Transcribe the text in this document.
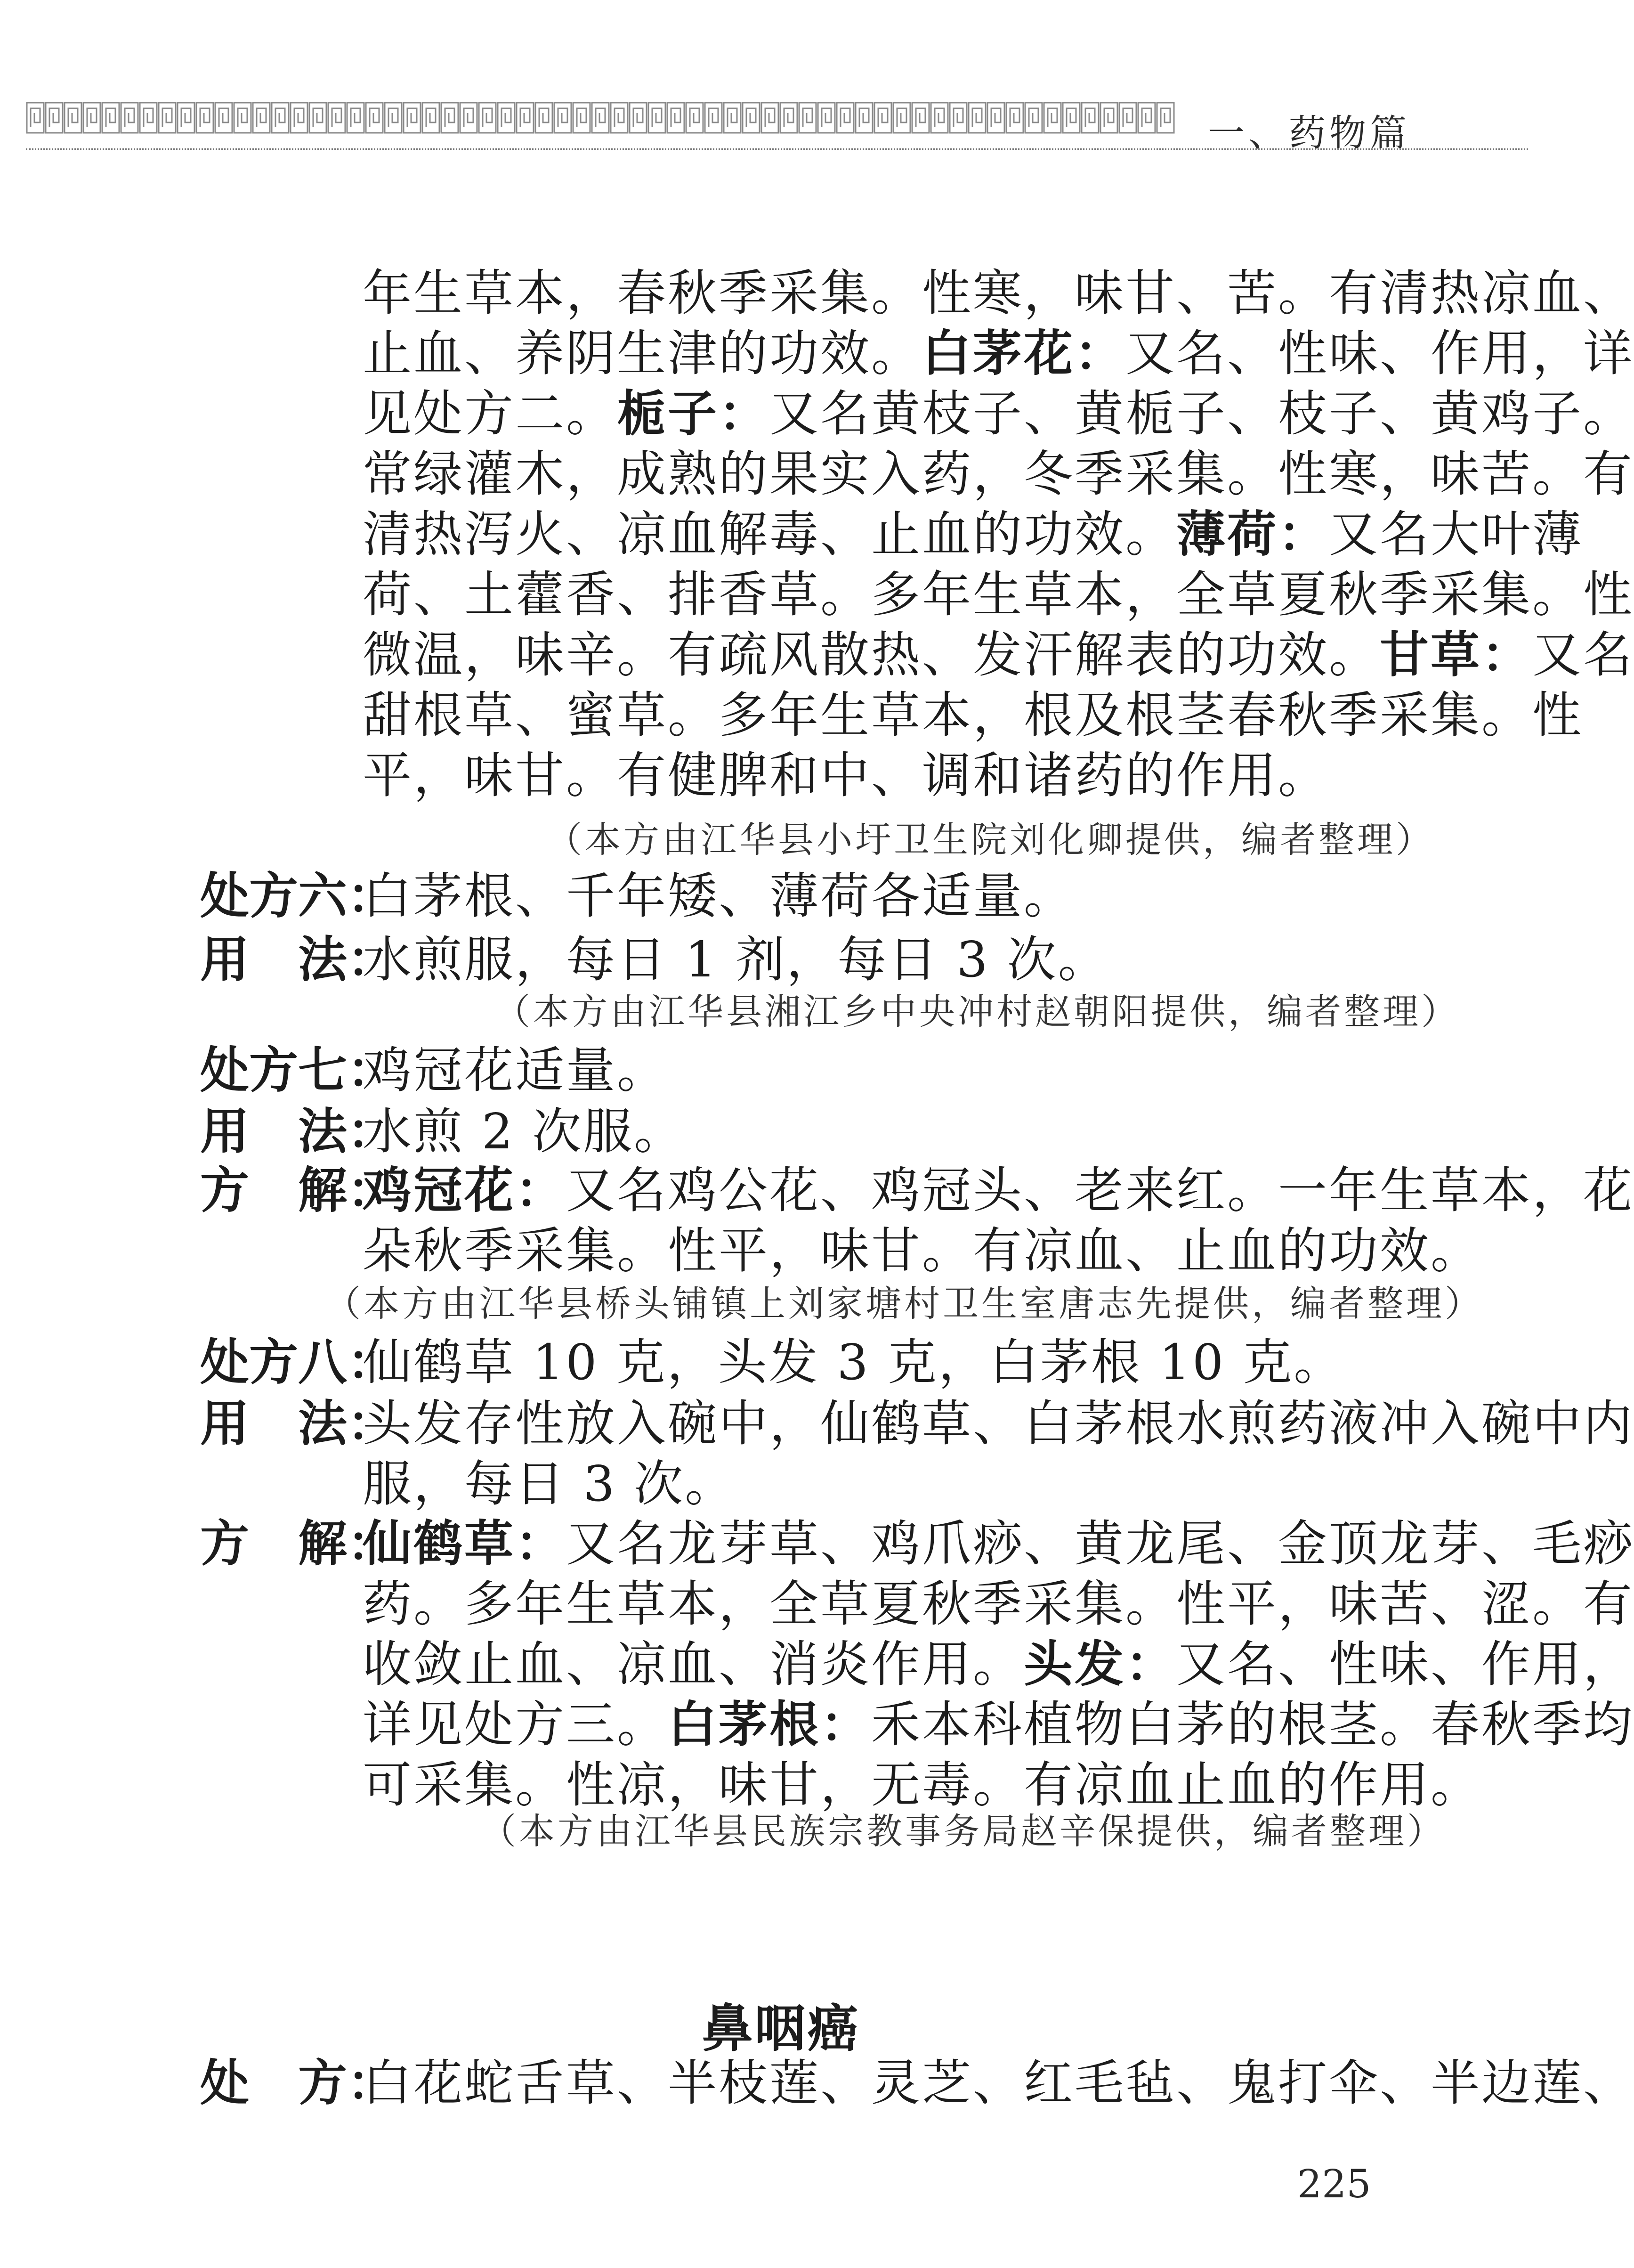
一、药物篇
鼻咽癌
225
年生草本，春秋季采集。性寒，味甘、苦。有清热凉血、
止血、养阴生津的功效。白茅花：又名、性味、作用，详
见处方二。栀子：又名黄枝子、黄栀子、枝子、黄鸡子。
常绿灌木，成熟的果实入药，冬季采集。性寒，味苦。有
清热泻火、凉血解毒、止血的功效。薄荷：又名大叶薄
荷、土藿香、排香草。多年生草本，全草夏秋季采集。性
微温，味辛。有疏风散热、发汗解表的功效。甘草：又名
甜根草、蜜草。多年生草本，根及根茎春秋季采集。性
平，味甘。有健脾和中、调和诸药的作用。
（本方由江华县小圩卫生院刘化卿提供，编者整理）
处方六：
白茅根、千年矮、薄荷各适量。
用　法：
水煎服，每日 1 剂，每日 3 次。
（本方由江华县湘江乡中央冲村赵朝阳提供，编者整理）
处方七：
鸡冠花适量。
用　法：
水煎 2 次服。
方　解：
鸡冠花：又名鸡公花、鸡冠头、老来红。一年生草本，花
朵秋季采集。性平，味甘。有凉血、止血的功效。
（本方由江华县桥头铺镇上刘家塘村卫生室唐志先提供，编者整理）
处方八：
仙鹤草 10 克，头发 3 克，白茅根 10 克。
用　法：
头发存性放入碗中，仙鹤草、白茅根水煎药液冲入碗中内
服，每日 3 次。
方　解：
仙鹤草：又名龙芽草、鸡爪痧、黄龙尾、金顶龙芽、毛痧
药。多年生草本，全草夏秋季采集。性平，味苦、涩。有
收敛止血、凉血、消炎作用。头发：又名、性味、作用，
详见处方三。白茅根：禾本科植物白茅的根茎。春秋季均
可采集。性凉，味甘，无毒。有凉血止血的作用。
（本方由江华县民族宗教事务局赵辛保提供，编者整理）
处　方：
白花蛇舌草、半枝莲、灵芝、红毛毡、鬼打伞、半边莲、
